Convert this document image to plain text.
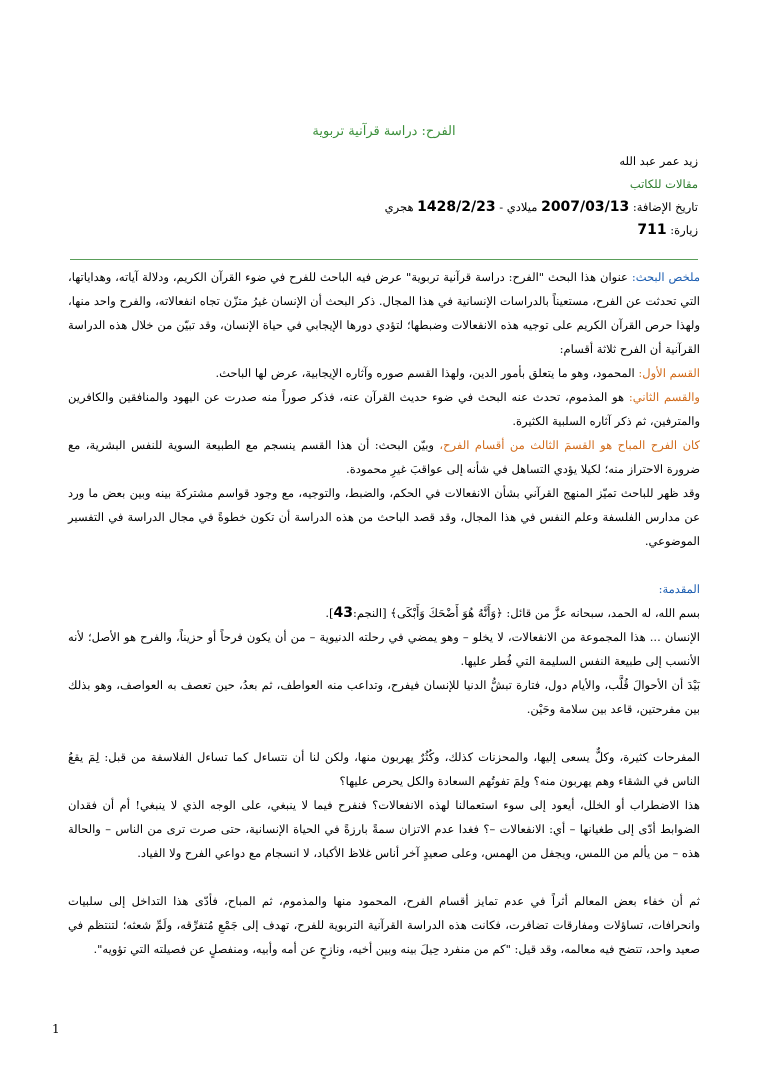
الفرح: دراسة قرآنية تربوية
زيد عمر عبد الله
مقالات للكاتب
تاريخ الإضافة: 2007/03/13 ميلادي - 1428/2/23 هجري
زيارة: 711

ملخص البحث: عنوان هذا البحث "الفرح: دراسة قرآنية تربوية" عرض فيه الباحث للفرح في ضوء القرآن الكريم، ودلالة آياته، وهداياتها، التي تحدثت عن الفرح، مستعيناً بالدراسات الإنسانية في هذا المجال. ذكر البحث أن الإنسان غيرُ متزّن تجاه انفعالاته، والفرح واحد منها، ولهذا حرص القرآن الكريم على توجيه هذه الانفعالات وضبطها؛ لتؤدي دورها الإيجابي في حياة الإنسان، وقد تبيّن من خلال هذه الدراسة القرآنية أن الفرح ثلاثة أقسام:

القسم الأول: المحمود، وهو ما يتعلق بأمور الدين، ولهذا القسم صوره وآثاره الإيجابية، عرض لها الباحث.

والقسم الثاني: هو المذموم، تحدث عنه البحث في ضوء حديث القرآن عنه، فذكر صوراً منه صدرت عن اليهود والمنافقين والكافرين والمترفين، ثم ذكر آثاره السلبية الكثيرة.

كان الفرح المباح هو القسمَ الثالث من أقسام الفرح، وبيّن البحث: أن هذا القسم ينسجم مع الطبيعة السوية للنفس البشرية، مع ضرورة الاحتراز منه؛ لكيلا يؤدي التساهل في شأنه إلى عواقبَ غيرِ محمودة.

وقد ظهر للباحث تميّز المنهج القرآني بشأن الانفعالات في الحكم، والضبط، والتوجيه، مع وجود قواسم مشتركة بينه وبين بعض ما ورد عن مدارس الفلسفة وعلم النفس في هذا المجال، وقد قصد الباحث من هذه الدراسة أن تكون خطوةً في مجال الدراسة في التفسير الموضوعي.

المقدمة:

بسم الله، له الحمد، سبحانه عزَّ من قائل: ﴿وَأَنَّهُ هُوَ أَضْحَكَ وَأَبْكَى﴾ [النجم:43].

الإنسان ... هذا المجموعة من الانفعالات، لا يخلو – وهو يمضي في رحلته الدنيوية – من أن يكون فرحاً أو حزيناً، والفرح هو الأصل؛ لأنه الأنسب إلى طبيعة النفس السليمة التي فُطر عليها.

بَيْدَ أن الأحوالَ قُلَّب، والأيام دول، فتارة تبشُّ الدنيا للإنسان فيفرح، وتداعب منه العواطف، ثم بعدُ، حين تعصف به العواصف، وهو بذلك بين مفرحتين، قاعد بين سلامة وحَيْن.

المفرحات كثيرة، وكلٌّ يسعى إليها، والمحزنات كذلك، وكُثُرٌ يهربون منها، ولكن لنا أن نتساءل كما تساءل الفلاسفة من قبل: لِمَ يقعُ الناس في الشقاء وهم يهربون منه؟ ولِمَ تفوتُهم السعادة والكل يحرص عليها؟

هذا الاضطراب أو الخلل، أيعود إلى سوء استعمالنا لهذه الانفعالات؟ فنفرح فيما لا ينبغي، على الوجه الذي لا ينبغي! أم أن فقدان الضوابط أدّى إلى طغيانها – أي: الانفعالات –؟ فغدا عدم الاتزان سمةً بارزةً في الحياة الإنسانية، حتى صرت ترى من الناس – والحالة هذه – من يألم من اللمس، ويجفل من الهمس، وعلى صعيدٍ آخر أناس غلاظ الأكباد، لا انسجام مع دواعي الفرح ولا الفياد.

ثم أن خفاء بعض المعالم أثراً في عدم تمايز أقسام الفرح، المحمود منها والمذموم، ثم المباح، فأدّى هذا التداخل إلى سلبيات وانحرافات، تساؤلات ومفارقات تضافرت، فكانت هذه الدراسة القرآنية التربوية للفرح، تهدف إلى جَمْعِ مُتفرِّقه، ولَمِّ شعثه؛ لتنتظم في صعيد واحد، تتضح فيه معالمه، وقد قيل: "كم من منفرد حِيلَ بينه وبين أخيه، ونازحٍ عن أمه وأبيه، ومنفصلٍ عن فصيلته التي تؤويه".

1
